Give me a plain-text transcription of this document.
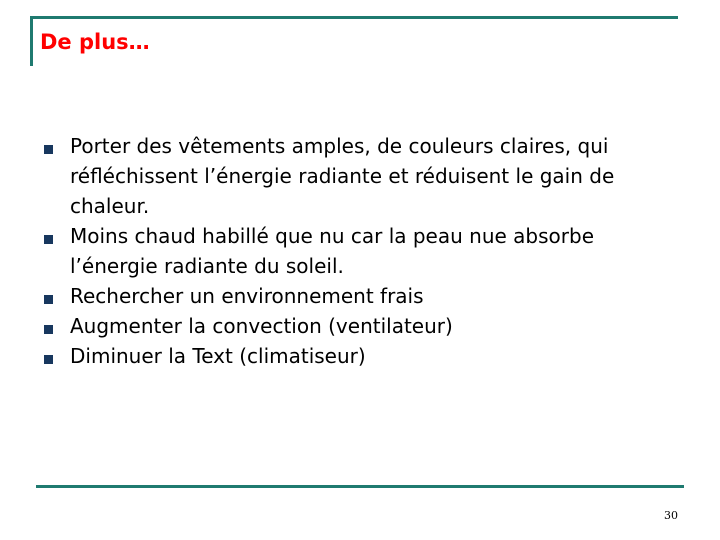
De plus…
Porter des vêtements amples, de couleurs claires, qui réfléchissent l’énergie radiante et réduisent le gain de chaleur.
Moins chaud habillé que nu car la peau nue absorbe l’énergie radiante du soleil.
Rechercher un environnement frais
Augmenter la convection (ventilateur)
Diminuer la Text (climatiseur)
30
